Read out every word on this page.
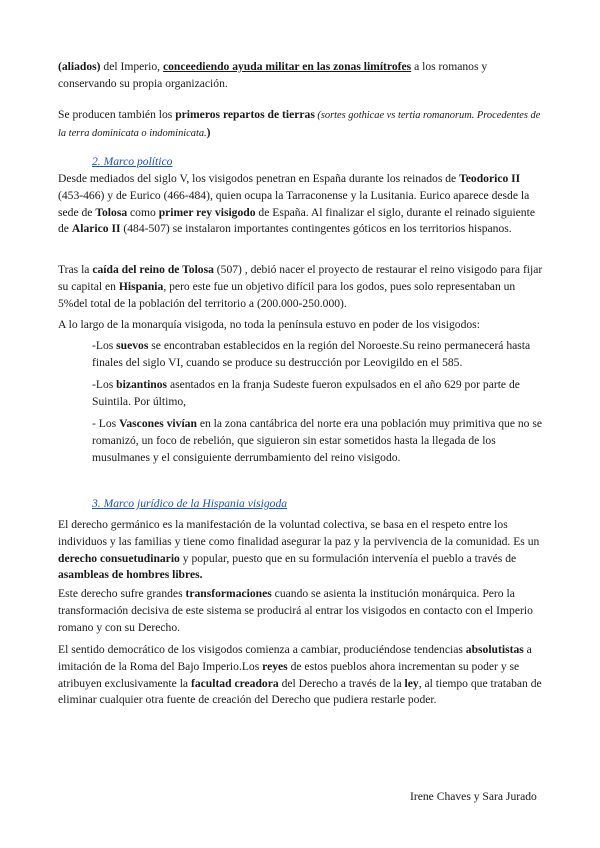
(aliados) del Imperio, conceediendo ayuda militar en las zonas limítrofes a los romanos y conservando su propia organización.

Se producen también los primeros repartos de tierras (sortes gothicae vs tertia romanorum. Procedentes de la terra dominicata o indominicata.)

2. Marco político

Desde mediados del siglo V, los visigodos penetran en España durante los reinados de Teodorico II (453-466) y de Eurico (466-484), quien ocupa la Tarraconense y la Lusitania. Eurico aparece desde la sede de Tolosa como primer rey visigodo de España. Al finalizar el siglo, durante el reinado siguiente de Alarico II (484-507) se instalaron importantes contingentes góticos en los territorios hispanos.

Tras la caída del reino de Tolosa (507) , debió nacer el proyecto de restaurar el reino visigodo para fijar su capital en Hispania, pero este fue un objetivo difícil para los godos, pues solo representaban un 5%del total de la población del territorio a (200.000-250.000).

A lo largo de la monarquía visigoda, no toda la península estuvo en poder de los visigodos:

-Los suevos se encontraban establecidos en la región del Noroeste.Su reino permanecerá hasta finales del siglo VI, cuando se produce su destrucción por Leovigildo en el 585.

-Los bizantinos asentados en la franja Sudeste fueron expulsados en el año 629 por parte de Suintila. Por último,

- Los Vascones vivían en la zona cantábrica del norte era una población muy primitiva que no se romanizó, un foco de rebelión, que siguieron sin estar sometidos hasta la llegada de los musulmanes y el consiguiente derrumbamiento del reino visigodo.

3. Marco jurídico de la Hispania visigoda

El derecho germánico es la manifestación de la voluntad colectiva, se basa en el respeto entre los individuos y las familias y tiene como finalidad asegurar la paz y la pervivencia de la comunidad. Es un derecho consuetudinario y popular, puesto que en su formulación intervenía el pueblo a través de asambleas de hombres libres.

Este derecho sufre grandes transformaciones cuando se asienta la institución monárquica. Pero la transformación decisiva de este sistema se producirá al entrar los visigodos en contacto con el Imperio romano y con su Derecho.

El sentido democrático de los visigodos comienza a cambiar, produciéndose tendencias absolutistas a imitación de la Roma del Bajo Imperio.Los reyes de estos pueblos ahora incrementan su poder y se atribuyen exclusivamente la facultad creadora del Derecho a través de la ley, al tiempo que trataban de eliminar cualquier otra fuente de creación del Derecho que pudiera restarle poder.

Irene Chaves y Sara Jurado
